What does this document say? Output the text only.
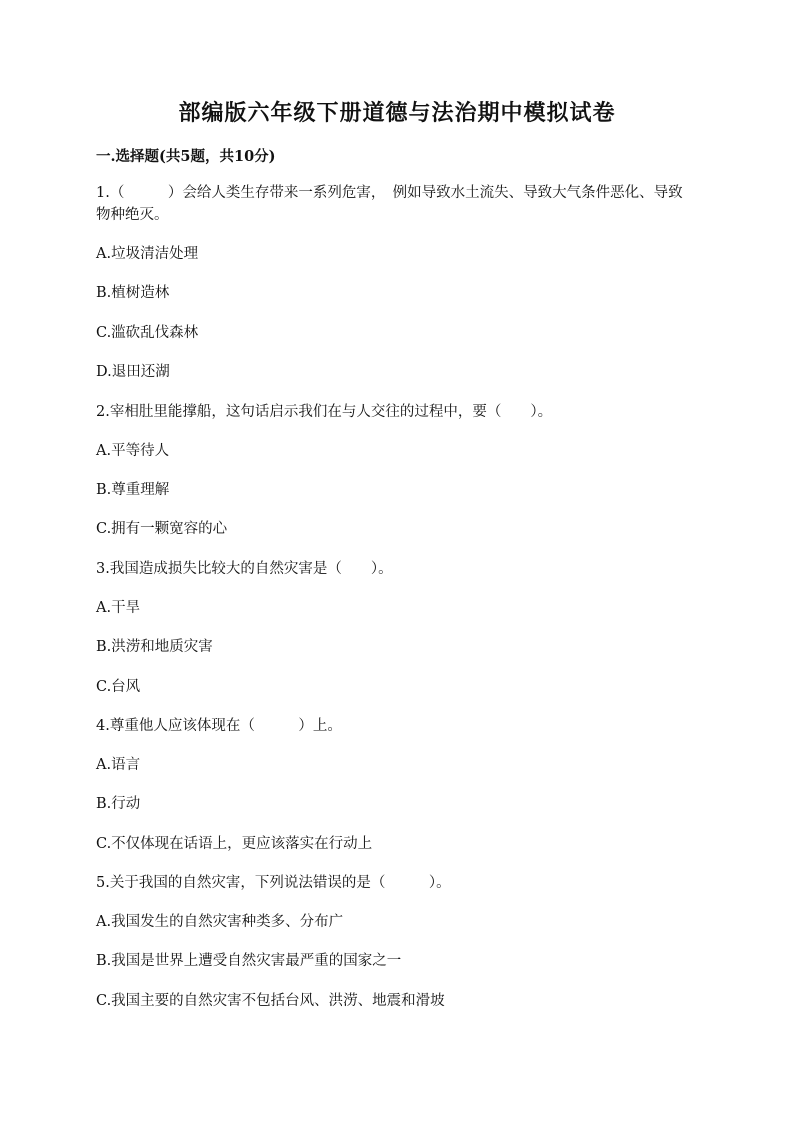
部编版六年级下册道德与法治期中模拟试卷
一.选择题(共5题，共10分)
1.（　　　）会给人类生存带来一系列危害，　例如导致水土流失、导致大气条件恶化、导致物种绝灭。
A.垃圾清洁处理
B.植树造林
C.滥砍乱伐森林
D.退田还湖
2.宰相肚里能撑船，这句话启示我们在与人交往的过程中，要（　　）。
A.平等待人
B.尊重理解
C.拥有一颗宽容的心
3.我国造成损失比较大的自然灾害是（　　）。
A.干旱
B.洪涝和地质灾害
C.台风
4.尊重他人应该体现在（　　　）上。
A.语言
B.行动
C.不仅体现在话语上，更应该落实在行动上
5.关于我国的自然灾害，下列说法错误的是（　　　）。
A.我国发生的自然灾害种类多、分布广
B.我国是世界上遭受自然灾害最严重的国家之一
C.我国主要的自然灾害不包括台风、洪涝、地震和滑坡
